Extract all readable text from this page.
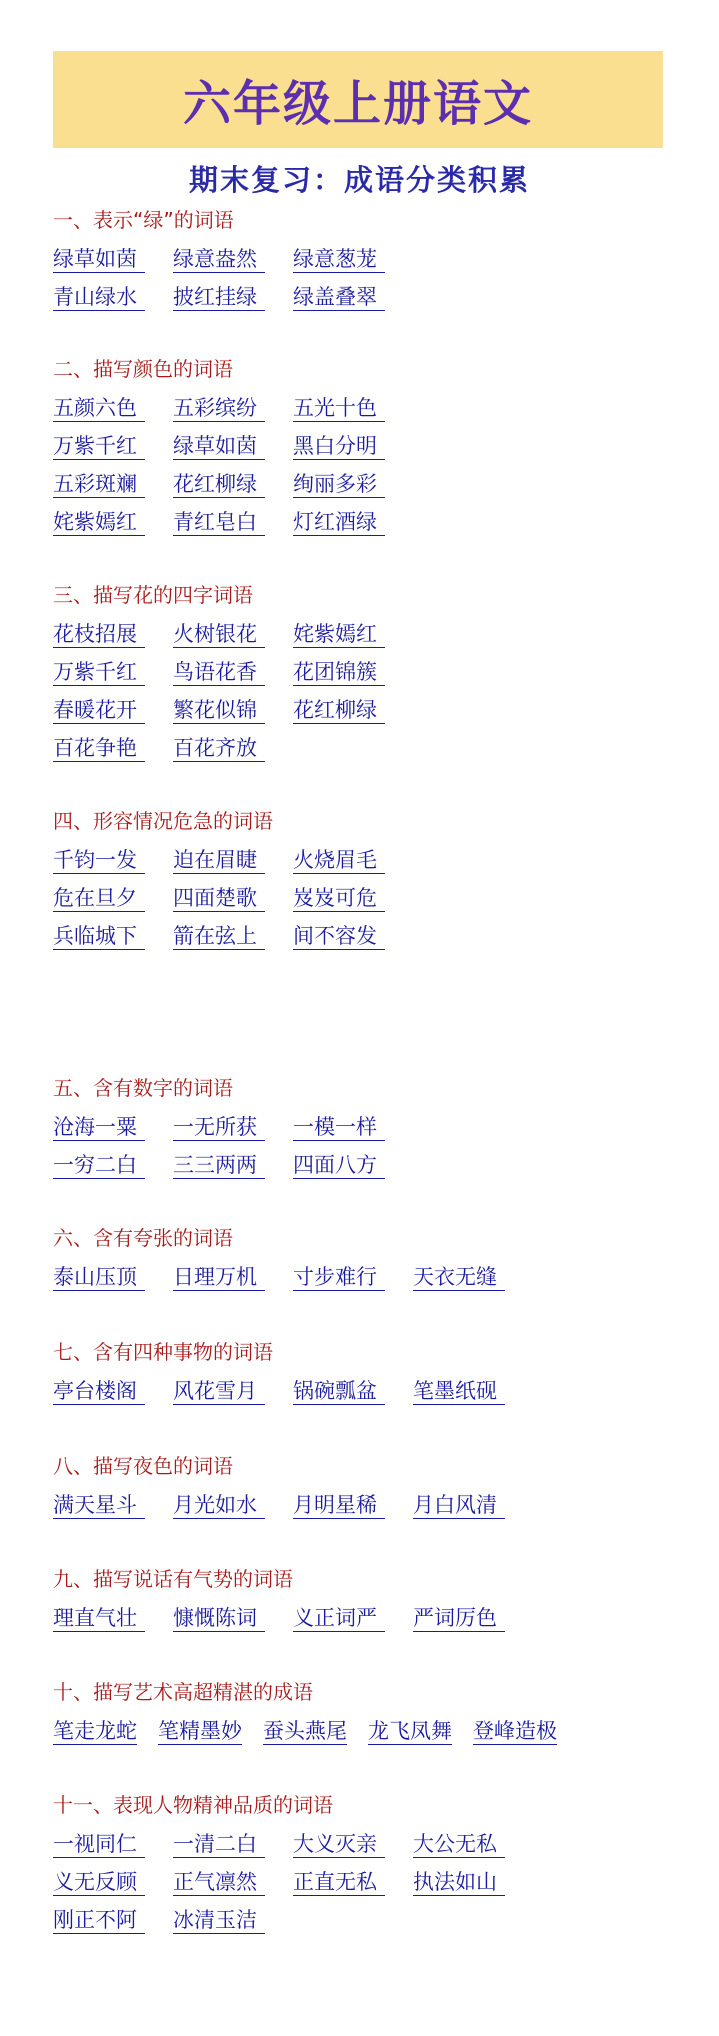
六年级上册语文
期末复习：成语分类积累
一、表示“绿”的词语
绿草如茵	绿意盎然	绿意葱茏
青山绿水	披红挂绿	绿盖叠翠
二、描写颜色的词语
五颜六色	五彩缤纷	五光十色
万紫千红	绿草如茵	黑白分明
五彩斑斓	花红柳绿	绚丽多彩
姹紫嫣红	青红皂白	灯红酒绿
三、描写花的四字词语
花枝招展	火树银花	姹紫嫣红
万紫千红	鸟语花香	花团锦簇
春暖花开	繁花似锦	花红柳绿
百花争艳	百花齐放
四、形容情况危急的词语
千钧一发	迫在眉睫	火烧眉毛
危在旦夕	四面楚歌	岌岌可危
兵临城下	箭在弦上	间不容发
五、含有数字的词语
沧海一粟	一无所获	一模一样
一穷二白	三三两两	四面八方
六、含有夸张的词语
泰山压顶	日理万机	寸步难行	天衣无缝
七、含有四种事物的词语
亭台楼阁	风花雪月	锅碗瓢盆	笔墨纸砚
八、描写夜色的词语
满天星斗	月光如水	月明星稀	月白风清
九、描写说话有气势的词语
理直气壮	慷慨陈词	义正词严	严词厉色
十、描写艺术高超精湛的成语
笔走龙蛇 笔精墨妙 蚕头燕尾 龙飞凤舞 登峰造极
十一、表现人物精神品质的词语
一视同仁	一清二白	大义灭亲	大公无私
义无反顾	正气凛然	正直无私	执法如山
刚正不阿	冰清玉洁
